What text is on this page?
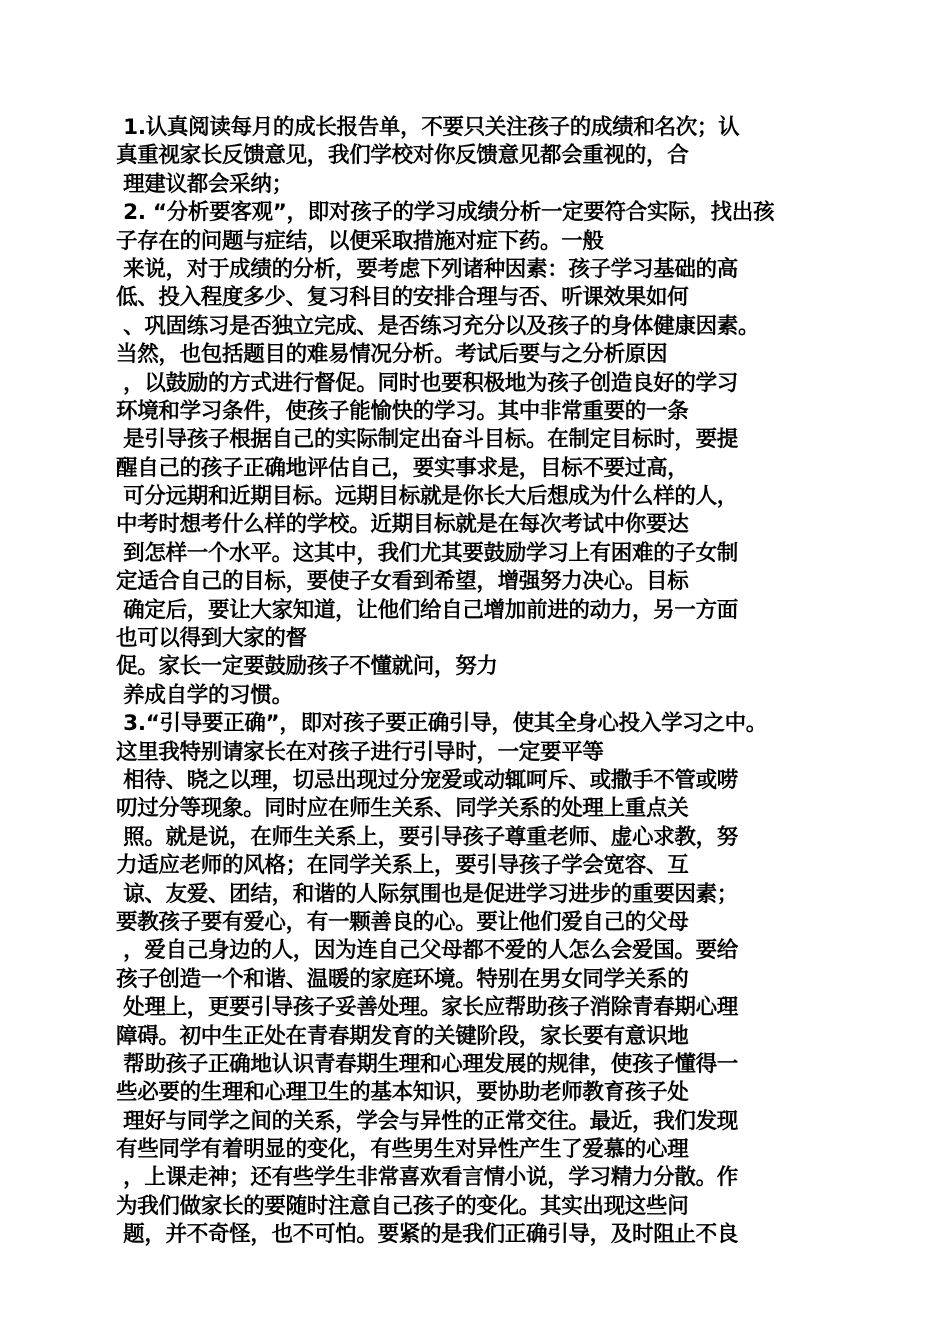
1.认真阅读每月的成长报告单，不要只关注孩子的成绩和名次；认
真重视家长反馈意见，我们学校对你反馈意见都会重视的，合
理建议都会采纳；
2. “分析要客观”，即对孩子的学习成绩分析一定要符合实际，找出孩
子存在的问题与症结，以便采取措施对症下药。一般
来说，对于成绩的分析，要考虑下列诸种因素：孩子学习基础的高
低、投入程度多少、复习科目的安排合理与否、听课效果如何
、巩固练习是否独立完成、是否练习充分以及孩子的身体健康因素。
当然，也包括题目的难易情况分析。考试后要与之分析原因
，以鼓励的方式进行督促。同时也要积极地为孩子创造良好的学习
环境和学习条件，使孩子能愉快的学习。其中非常重要的一条
是引导孩子根据自己的实际制定出奋斗目标。在制定目标时，要提
醒自己的孩子正确地评估自己，要实事求是，目标不要过高，
可分远期和近期目标。远期目标就是你长大后想成为什么样的人，
中考时想考什么样的学校。近期目标就是在每次考试中你要达
到怎样一个水平。这其中，我们尤其要鼓励学习上有困难的子女制
定适合自己的目标，要使子女看到希望，增强努力决心。目标
确定后，要让大家知道，让他们给自己增加前进的动力，另一方面
也可以得到大家的督
促。家长一定要鼓励孩子不懂就问，努力
养成自学的习惯。
3.“引导要正确”，即对孩子要正确引导，使其全身心投入学习之中。
这里我特别请家长在对孩子进行引导时，一定要平等
相待、晓之以理，切忌出现过分宠爱或动辄呵斥、或撒手不管或唠
叨过分等现象。同时应在师生关系、同学关系的处理上重点关
照。就是说，在师生关系上，要引导孩子尊重老师、虚心求教，努
力适应老师的风格；在同学关系上，要引导孩子学会宽容、互
谅、友爱、团结，和谐的人际氛围也是促进学习进步的重要因素；
要教孩子要有爱心，有一颗善良的心。要让他们爱自己的父母
，爱自己身边的人，因为连自己父母都不爱的人怎么会爱国。要给
孩子创造一个和谐、温暖的家庭环境。特别在男女同学关系的
处理上，更要引导孩子妥善处理。家长应帮助孩子消除青春期心理
障碍。初中生正处在青春期发育的关键阶段，家长要有意识地
帮助孩子正确地认识青春期生理和心理发展的规律，使孩子懂得一
些必要的生理和心理卫生的基本知识，要协助老师教育孩子处
理好与同学之间的关系，学会与异性的正常交往。最近，我们发现
有些同学有着明显的变化，有些男生对异性产生了爱慕的心理
，上课走神；还有些学生非常喜欢看言情小说，学习精力分散。作
为我们做家长的要随时注意自己孩子的变化。其实出现这些问
题，并不奇怪，也不可怕。要紧的是我们正确引导，及时阻止不良
